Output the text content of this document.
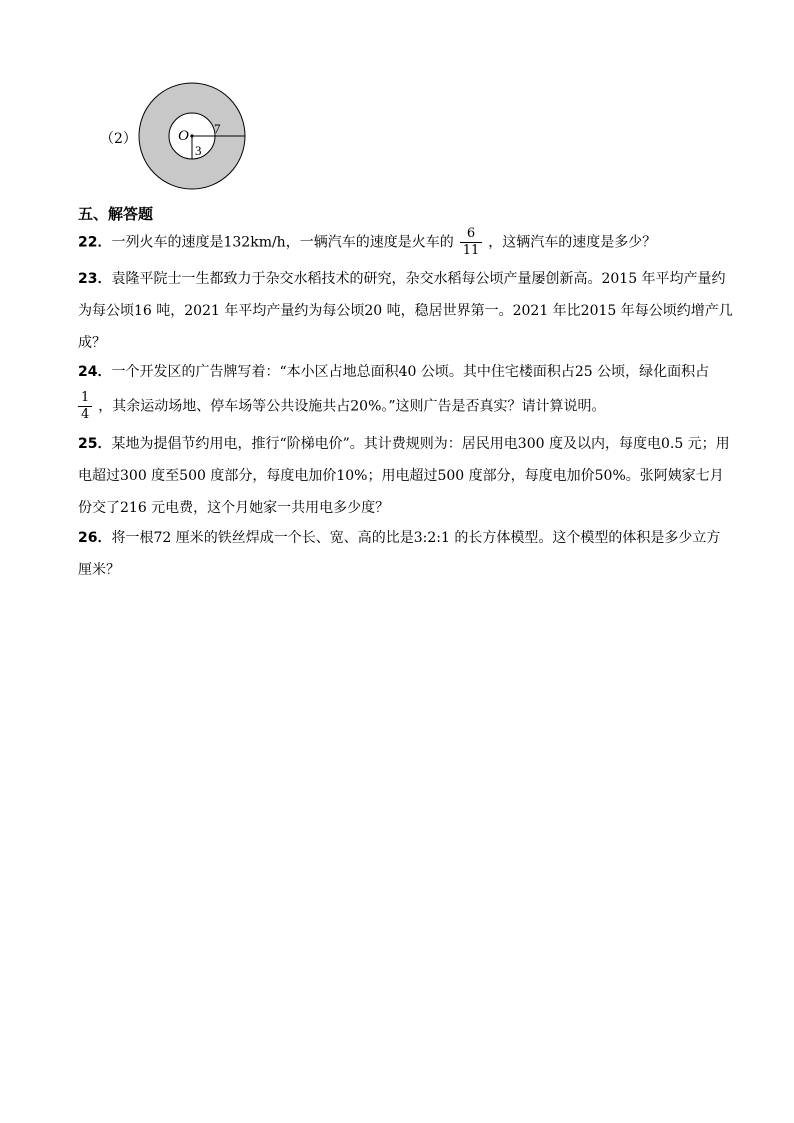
（2）	O 7
3
五、解答题
22．一列火车的速度是132km/h，一辆汽车的速度是火车的 $\frac{6}{11}$ ，这辆汽车的速度是多少？
23．袁隆平院士一生都致力于杂交水稻技术的研究，杂交水稻每公顷产量屡创新高。2015 年平均产量约
为每公顷16 吨，2021 年平均产量约为每公顷20 吨，稳居世界第一。2021 年比2015 年每公顷约增产几
成？
24．一个开发区的广告牌写着：“本小区占地总面积40 公顷。其中住宅楼面积占25 公顷，绿化面积占
$\frac{1}{4}$ ，其余运动场地、停车场等公共设施共占20%。”这则广告是否真实？请计算说明。
25．某地为提倡节约用电，推行“阶梯电价”。其计费规则为：居民用电300 度及以内，每度电0.5 元；用
电超过300 度至500 度部分，每度电加价10%；用电超过500 度部分，每度电加价50%。张阿姨家七月
份交了216 元电费，这个月她家一共用电多少度？
26．将一根72 厘米的铁丝焊成一个长、宽、高的比是3:2:1 的长方体模型。这个模型的体积是多少立方
厘米？
